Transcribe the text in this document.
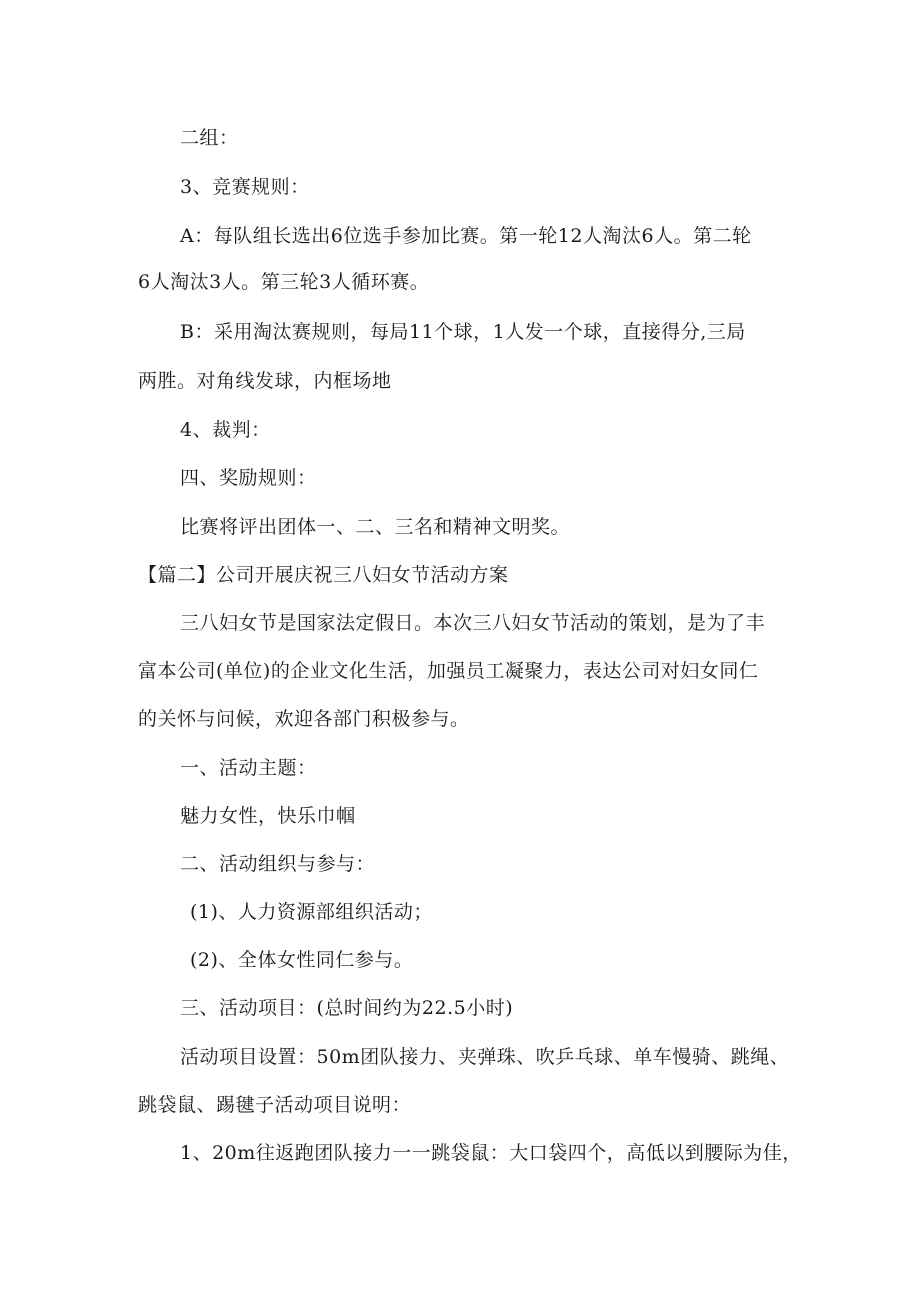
二组：
3、竞赛规则：
A：每队组长选出6位选手参加比赛。第一轮12人淘汰6人。第二轮
6人淘汰3人。第三轮3人循环赛。
B：采用淘汰赛规则，每局11个球，1人发一个球，直接得分,三局
两胜。对角线发球，内框场地
4、裁判：
四、奖励规则：
比赛将评出团体一、二、三名和精神文明奖。
【篇二】公司开展庆祝三八妇女节活动方案
三八妇女节是国家法定假日。本次三八妇女节活动的策划，是为了丰
富本公司(单位)的企业文化生活，加强员工凝聚力，表达公司对妇女同仁
的关怀与问候，欢迎各部门积极参与。
一、活动主题：
魅力女性，快乐巾帼
二、活动组织与参与：
(1)、人力资源部组织活动；
(2)、全体女性同仁参与。
三、活动项目：(总时间约为22.5小时)
活动项目设置：50m团队接力、夹弹珠、吹乒乓球、单车慢骑、跳绳、
跳袋鼠、踢毽子活动项目说明：
1、20m往返跑团队接力一一跳袋鼠：大口袋四个，高低以到腰际为佳，
